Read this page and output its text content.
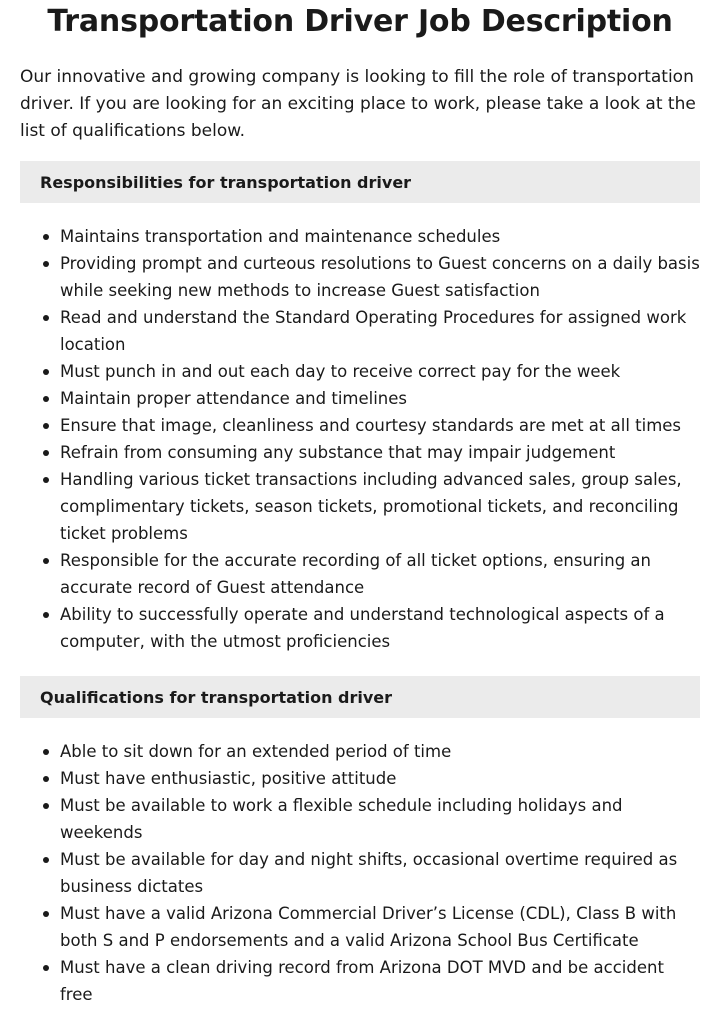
Transportation Driver Job Description

Our innovative and growing company is looking to fill the role of transportation driver. If you are looking for an exciting place to work, please take a look at the list of qualifications below.

Responsibilities for transportation driver
Maintains transportation and maintenance schedules
Providing prompt and curteous resolutions to Guest concerns on a daily basis while seeking new methods to increase Guest satisfaction
Read and understand the Standard Operating Procedures for assigned work location
Must punch in and out each day to receive correct pay for the week
Maintain proper attendance and timelines
Ensure that image, cleanliness and courtesy standards are met at all times
Refrain from consuming any substance that may impair judgement
Handling various ticket transactions including advanced sales, group sales, complimentary tickets, season tickets, promotional tickets, and reconciling ticket problems
Responsible for the accurate recording of all ticket options, ensuring an accurate record of Guest attendance
Ability to successfully operate and understand technological aspects of a computer, with the utmost proficiencies
Qualifications for transportation driver
Able to sit down for an extended period of time
Must have enthusiastic, positive attitude
Must be available to work a flexible schedule including holidays and weekends
Must be available for day and night shifts, occasional overtime required as business dictates
Must have a valid Arizona Commercial Driver’s License (CDL), Class B with both S and P endorsements and a valid Arizona School Bus Certificate
Must have a clean driving record from Arizona DOT MVD and be accident free
